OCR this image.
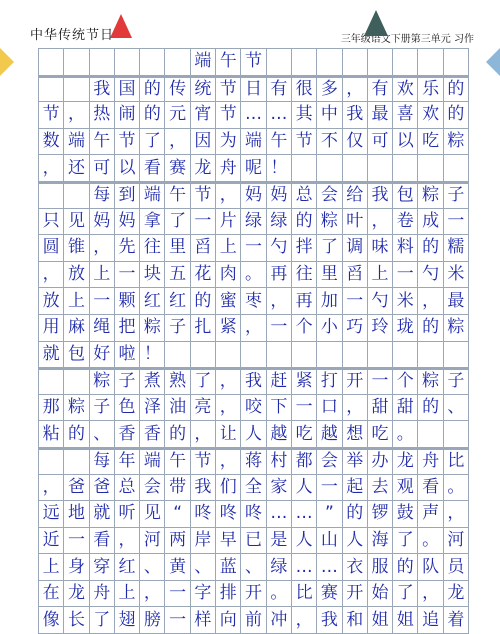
中华传统节日	三年级语文下册第三单元 习作
端 午 节
我 国 的 传 统 节 日 有 很 多 ， 有 欢 乐 的
节 ， 热 闹 的 元 宵 节 … … 其 中 我 最 喜 欢 的
数 端 午 节 了 ， 因 为 端 午 节 不 仅 可 以 吃 粽
， 还 可 以 看 赛 龙 舟 呢 ！
每 到 端 午 节 ， 妈 妈 总 会 给 我 包 粽 子
只 见 妈 妈 拿 了 一 片 绿 绿 的 粽 叶 ， 卷 成 一
圆 锥 ， 先 往 里 舀 上 一 勺 拌 了 调 味 料 的 糯
， 放 上 一 块 五 花 肉 。 再 往 里 舀 上 一 勺 米
放 上 一 颗 红 红 的 蜜 枣 ， 再 加 一 勺 米 ， 最
用 麻 绳 把 粽 子 扎 紧 ， 一 个 小 巧 玲 珑 的 粽
就 包 好 啦 ！
粽 子 煮 熟 了 ， 我 赶 紧 打 开 一 个 粽 子
那 粽 子 色 泽 油 亮 ， 咬 下 一 口 ， 甜 甜 的 、
粘 的 、 香 香 的 ， 让 人 越 吃 越 想 吃 。
每 年 端 午 节 ， 蒋 村 都 会 举 办 龙 舟 比
， 爸 爸 总 会 带 我 们 全 家 人 一 起 去 观 看 。
远 地 就 听 见 “ 咚 咚 咚 … … ” 的 锣 鼓 声 ，
近 一 看 ， 河 两 岸 早 已 是 人 山 人 海 了 。 河
上 身 穿 红 、 黄 、 蓝 、 绿 … … 衣 服 的 队 员
在 龙 舟 上 ， 一 字 排 开 。 比 赛 开 始 了 ， 龙
像 长 了 翅 膀 一 样 向 前 冲 ， 我 和 姐 姐 追 着
